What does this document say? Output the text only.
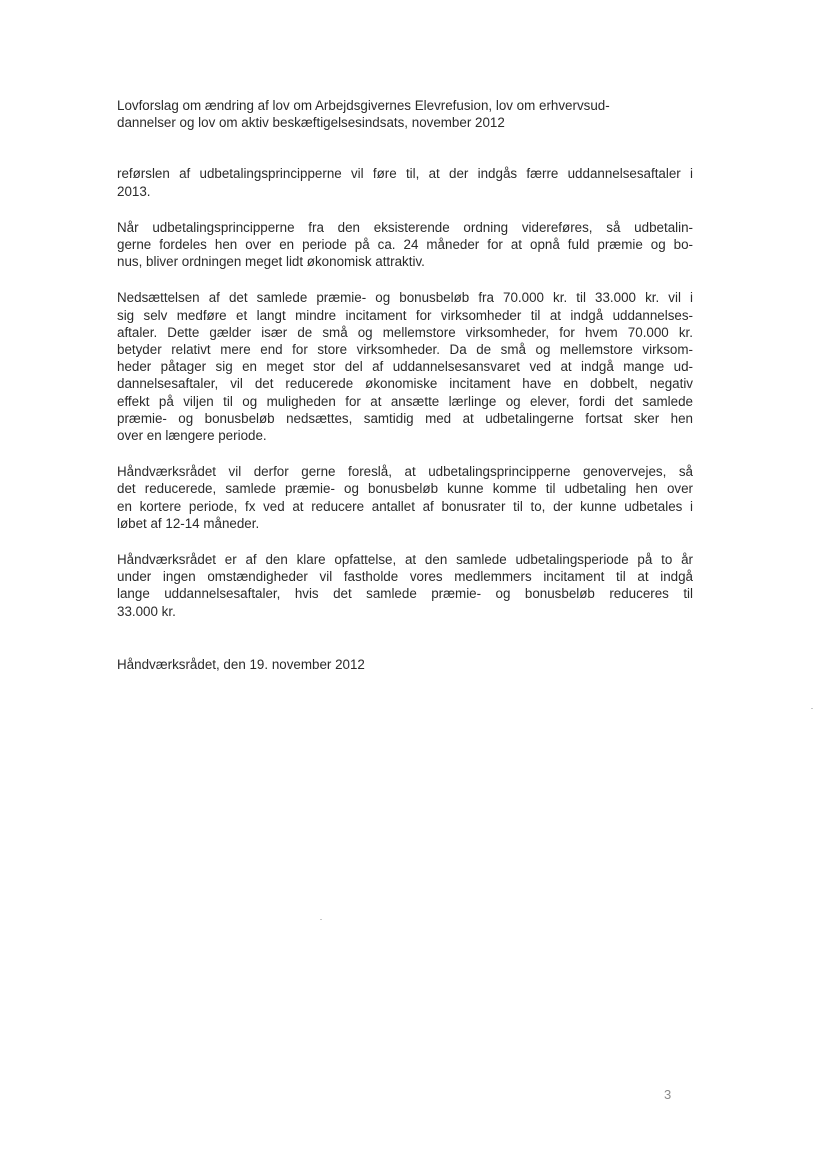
Lovforslag om ændring af lov om Arbejdsgivernes Elevrefusion, lov om erhvervsud-
dannelser og lov om aktiv beskæftigelsesindsats, november 2012
reførslen af udbetalingsprincipperne vil føre til, at der indgås færre uddannelsesaftaler i
2013.
Når udbetalingsprincipperne fra den eksisterende ordning videreføres, så udbetalin-
gerne fordeles hen over en periode på ca. 24 måneder for at opnå fuld præmie og bo-
nus, bliver ordningen meget lidt økonomisk attraktiv.
Nedsættelsen af det samlede præmie- og bonusbeløb fra 70.000 kr. til 33.000 kr. vil i
sig selv medføre et langt mindre incitament for virksomheder til at indgå uddannelses-
aftaler. Dette gælder især de små og mellemstore virksomheder, for hvem 70.000 kr.
betyder relativt mere end for store virksomheder. Da de små og mellemstore virksom-
heder påtager sig en meget stor del af uddannelsesansvaret ved at indgå mange ud-
dannelsesaftaler, vil det reducerede økonomiske incitament have en dobbelt, negativ
effekt på viljen til og muligheden for at ansætte lærlinge og elever, fordi det samlede
præmie- og bonusbeløb nedsættes, samtidig med at udbetalingerne fortsat sker hen
over en længere periode.
Håndværksrådet vil derfor gerne foreslå, at udbetalingsprincipperne genovervejes, så
det reducerede, samlede præmie- og bonusbeløb kunne komme til udbetaling hen over
en kortere periode, fx ved at reducere antallet af bonusrater til to, der kunne udbetales i
løbet af 12-14 måneder.
Håndværksrådet er af den klare opfattelse, at den samlede udbetalingsperiode på to år
under ingen omstændigheder vil fastholde vores medlemmers incitament til at indgå
lange uddannelsesaftaler, hvis det samlede præmie- og bonusbeløb reduceres til
33.000 kr.
Håndværksrådet, den 19. november 2012
3
